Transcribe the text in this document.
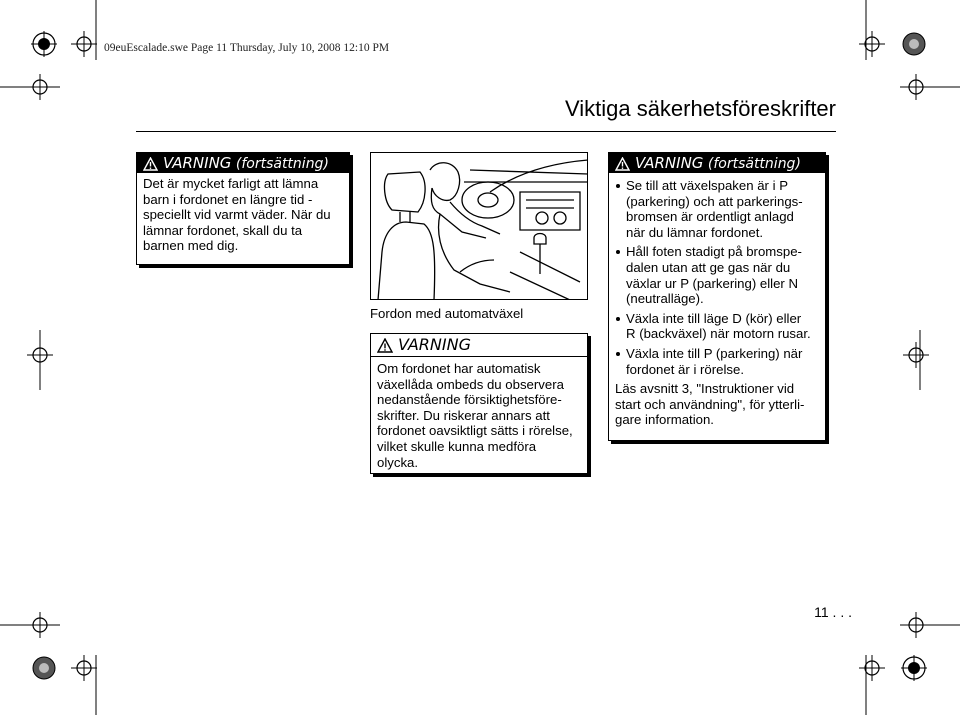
09euEscalade.swe Page 11 Thursday, July 10, 2008 12:10 PM
Viktiga säkerhetsföreskrifter
VARNING (fortsättning)
Det är mycket farligt att lämna
barn i fordonet en längre tid -
speciellt vid varmt väder. När du
lämnar fordonet, skall du ta
barnen med dig.
Fordon med automatväxel
VARNING
Om fordonet har automatisk
växellåda ombeds du observera
nedanstående försiktighetsföre-
skrifter. Du riskerar annars att
fordonet oavsiktligt sätts i rörelse,
vilket skulle kunna medföra
olycka.
VARNING (fortsättning)
Se till att växelspaken är i P
(parkering) och att parkerings-
bromsen är ordentligt anlagd
när du lämnar fordonet.
Håll foten stadigt på bromspe-
dalen utan att ge gas när du
växlar ur P (parkering) eller N
(neutralläge).
Växla inte till läge D (kör) eller
R (backväxel) när motorn rusar.
Växla inte till P (parkering) när
fordonet är i rörelse.
Läs avsnitt 3, "Instruktioner vid
start och användning", för ytterli-
gare information.
11 . . .
